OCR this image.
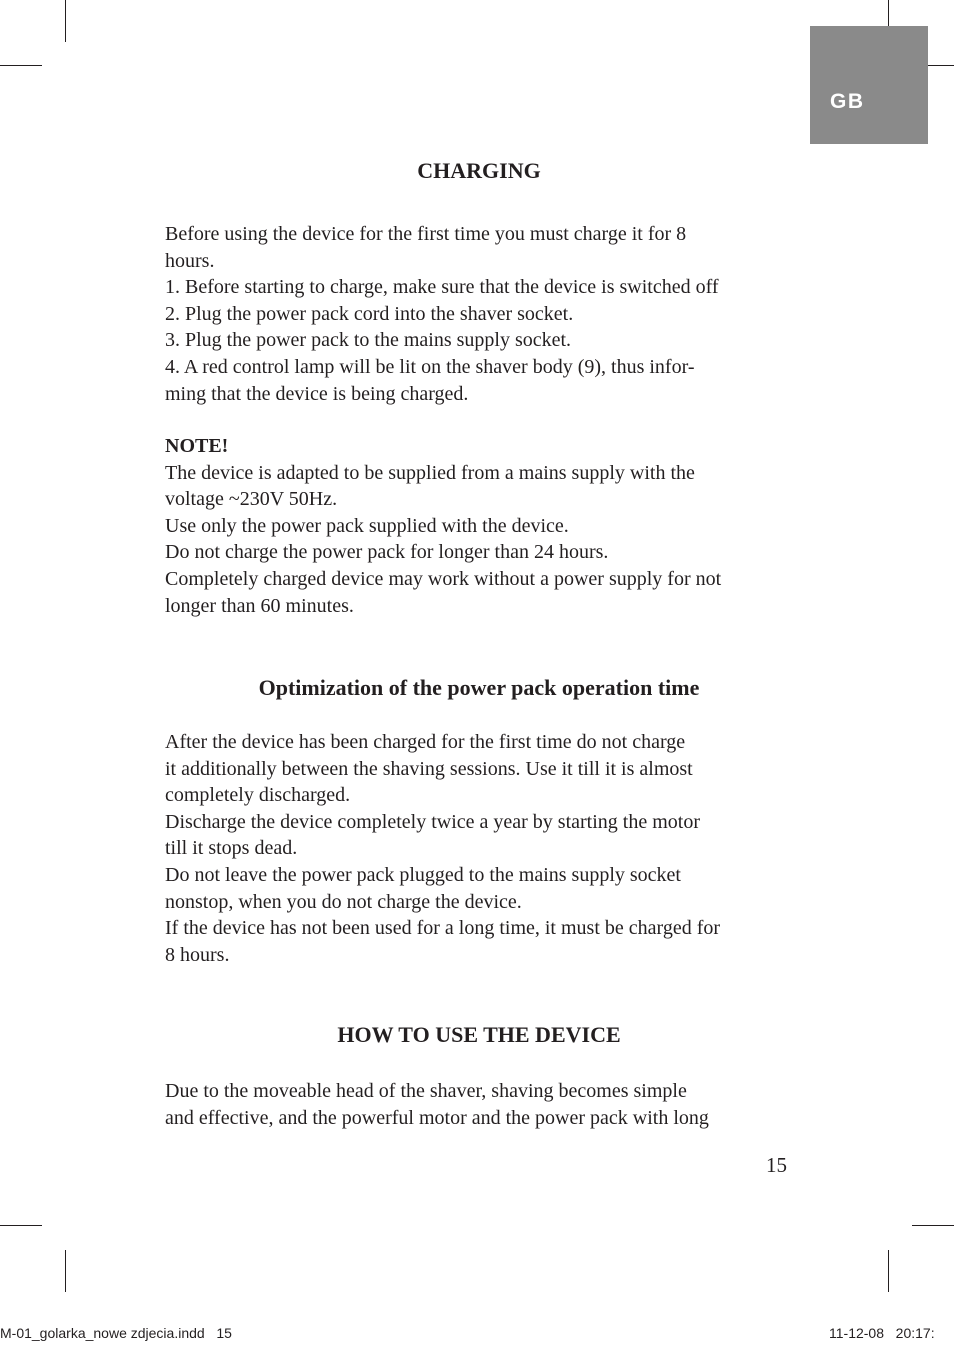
GB
CHARGING

Before using the device for the first time you must charge it for 8

hours.

1. Before starting to charge, make sure that the device is switched off

2. Plug the power pack cord into the shaver socket.

3. Plug the power pack to the mains supply socket.

4. A red control lamp will be lit on the shaver body (9), thus infor-

ming that the device is being charged.

NOTE!

The device is adapted to be supplied from a mains supply with the

voltage ~230V 50Hz.

Use only the power pack supplied with the device.

Do not charge the power pack for longer than 24 hours.

Completely charged device may work without a power supply for not

longer than 60 minutes.

Optimization of the power pack operation time

After the device has been charged for the first time do not charge

it additionally between the shaving sessions. Use it till it is almost

completely discharged.

Discharge the device completely twice a year by starting the motor

till it stops dead.

Do not leave the power pack plugged to the mains supply socket

nonstop, when you do not charge the device.

If the device has not been used for a long time, it must be charged for

8 hours.

HOW TO USE THE DEVICE

Due to the moveable head of the shaver, shaving becomes simple

and effective, and the powerful motor and the power pack with long

15
M-01_golarka_nowe zdjecia.indd   15	11-12-08   20:17:
